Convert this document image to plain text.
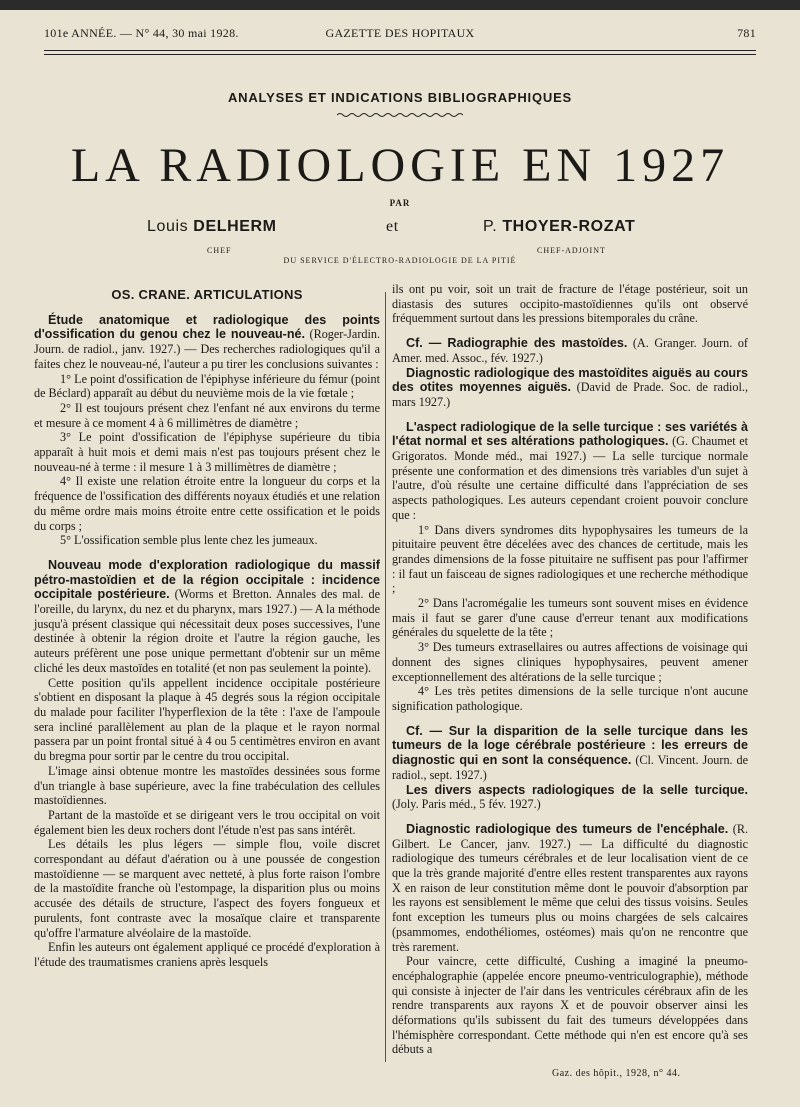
101e ANNÉE. — N° 44, 30 mai 1928.	GAZETTE DES HOPITAUX	781
ANALYSES ET INDICATIONS BIBLIOGRAPHIQUES
LA RADIOLOGIE EN 1927
PAR
Louis DELHERM	et	P. THOYER-ROZAT
CHEF	CHEF-ADJOINT
DU SERVICE D'ÉLECTRO-RADIOLOGIE DE LA PITIÉ
OS. CRANE. ARTICULATIONS

Étude anatomique et radiologique des points d'ossification du genou chez le nouveau-né. (Roger-Jardin. Journ. de radiol., janv. 1927.) — Des recherches radiologiques qu'il a faites chez le nouveau-né, l'auteur a pu tirer les conclusions suivantes :

1° Le point d'ossification de l'épiphyse inférieure du fémur (point de Béclard) apparaît au début du neuvième mois de la vie fœtale ;

2° Il est toujours présent chez l'enfant né aux environs du terme et mesure à ce moment 4 à 6 millimètres de diamètre ;

3° Le point d'ossification de l'épiphyse supérieure du tibia apparaît à huit mois et demi mais n'est pas toujours présent chez le nouveau-né à terme : il mesure 1 à 3 millimètres de diamètre ;

4° Il existe une relation étroite entre la longueur du corps et la fréquence de l'ossification des différents noyaux étudiés et une relation du même ordre mais moins étroite entre cette ossification et le poids du corps ;

5° L'ossification semble plus lente chez les jumeaux.

Nouveau mode d'exploration radiologique du massif pétro-mastoïdien et de la région occipitale : incidence occipitale postérieure. (Worms et Bretton. Annales des mal. de l'oreille, du larynx, du nez et du pharynx, mars 1927.) — A la méthode jusqu'à présent classique qui nécessitait deux poses successives, l'une destinée à obtenir la région droite et l'autre la région gauche, les auteurs préfèrent une pose unique permettant d'obtenir sur un même cliché les deux mastoïdes en totalité (et non pas seulement la pointe).

Cette position qu'ils appellent incidence occipitale postérieure s'obtient en disposant la plaque à 45 degrés sous la région occipitale du malade pour faciliter l'hyperflexion de la tête : l'axe de l'ampoule sera incliné parallèlement au plan de la plaque et le rayon normal passera par un point frontal situé à 4 ou 5 centimètres environ en avant du bregma pour sortir par le centre du trou occipital.

L'image ainsi obtenue montre les mastoïdes dessinées sous forme d'un triangle à base supérieure, avec la fine trabéculation des cellules mastoïdiennes.

Partant de la mastoïde et se dirigeant vers le trou occipital on voit également bien les deux rochers dont l'étude n'est pas sans intérêt.

Les détails les plus légers — simple flou, voile discret correspondant au défaut d'aération ou à une poussée de congestion mastoïdienne — se marquent avec netteté, à plus forte raison l'ombre de la mastoïdite franche où l'estompage, la disparition plus ou moins accusée des détails de structure, l'aspect des foyers fongueux et purulents, font contraste avec la mosaïque claire et transparente qu'offre l'armature alvéolaire de la mastoïde.

Enfin les auteurs ont également appliqué ce procédé d'exploration à l'étude des traumatismes craniens après lesquels

ils ont pu voir, soit un trait de fracture de l'étage postérieur, soit un diastasis des sutures occipito-mastoïdiennes qu'ils ont observé fréquemment surtout dans les pressions bitemporales du crâne.

Cf. — Radiographie des mastoïdes. (A. Granger. Journ. of Amer. med. Assoc., fév. 1927.)

Diagnostic radiologique des mastoïdites aiguës au cours des otites moyennes aiguës. (David de Prade. Soc. de radiol., mars 1927.)

L'aspect radiologique de la selle turcique : ses variétés à l'état normal et ses altérations pathologiques. (G. Chaumet et Grigoratos. Monde méd., mai 1927.) — La selle turcique normale présente une conformation et des dimensions très variables d'un sujet à l'autre, d'où résulte une certaine difficulté dans l'appréciation de ses aspects pathologiques. Les auteurs cependant croient pouvoir conclure que :

1° Dans divers syndromes dits hypophysaires les tumeurs de la pituitaire peuvent être décelées avec des chances de certitude, mais les grandes dimensions de la fosse pituitaire ne suffisent pas pour l'affirmer : il faut un faisceau de signes radiologiques et une recherche méthodique ;

2° Dans l'acromégalie les tumeurs sont souvent mises en évidence mais il faut se garer d'une cause d'erreur tenant aux modifications générales du squelette de la tête ;

3° Des tumeurs extrasellaires ou autres affections de voisinage qui donnent des signes cliniques hypophysaires, peuvent amener exceptionnellement des altérations de la selle turcique ;

4° Les très petites dimensions de la selle turcique n'ont aucune signification pathologique.

Cf. — Sur la disparition de la selle turcique dans les tumeurs de la loge cérébrale postérieure : les erreurs de diagnostic qui en sont la conséquence. (Cl. Vincent. Journ. de radiol., sept. 1927.)

Les divers aspects radiologiques de la selle turcique. (Joly. Paris méd., 5 fév. 1927.)

Diagnostic radiologique des tumeurs de l'encéphale. (R. Gilbert. Le Cancer, janv. 1927.) — La difficulté du diagnostic radiologique des tumeurs cérébrales et de leur localisation vient de ce que la très grande majorité d'entre elles restent transparentes aux rayons X en raison de leur constitution même dont le pouvoir d'absorption par les rayons est sensiblement le même que celui des tissus voisins. Seules font exception les tumeurs plus ou moins chargées de sels calcaires (psammomes, endothéliomes, ostéomes) mais qu'on ne rencontre que très rarement.

Pour vaincre, cette difficulté, Cushing a imaginé la pneumo-encéphalographie (appelée encore pneumo-ventriculographie), méthode qui consiste à injecter de l'air dans les ventricules cérébraux afin de les rendre transparents aux rayons X et de pouvoir observer ainsi les déformations qu'ils subissent du fait des tumeurs développées dans l'hémisphère correspondant. Cette méthode qui n'en est encore qu'à ses débuts a

Gaz. des hôpit., 1928, n° 44.
